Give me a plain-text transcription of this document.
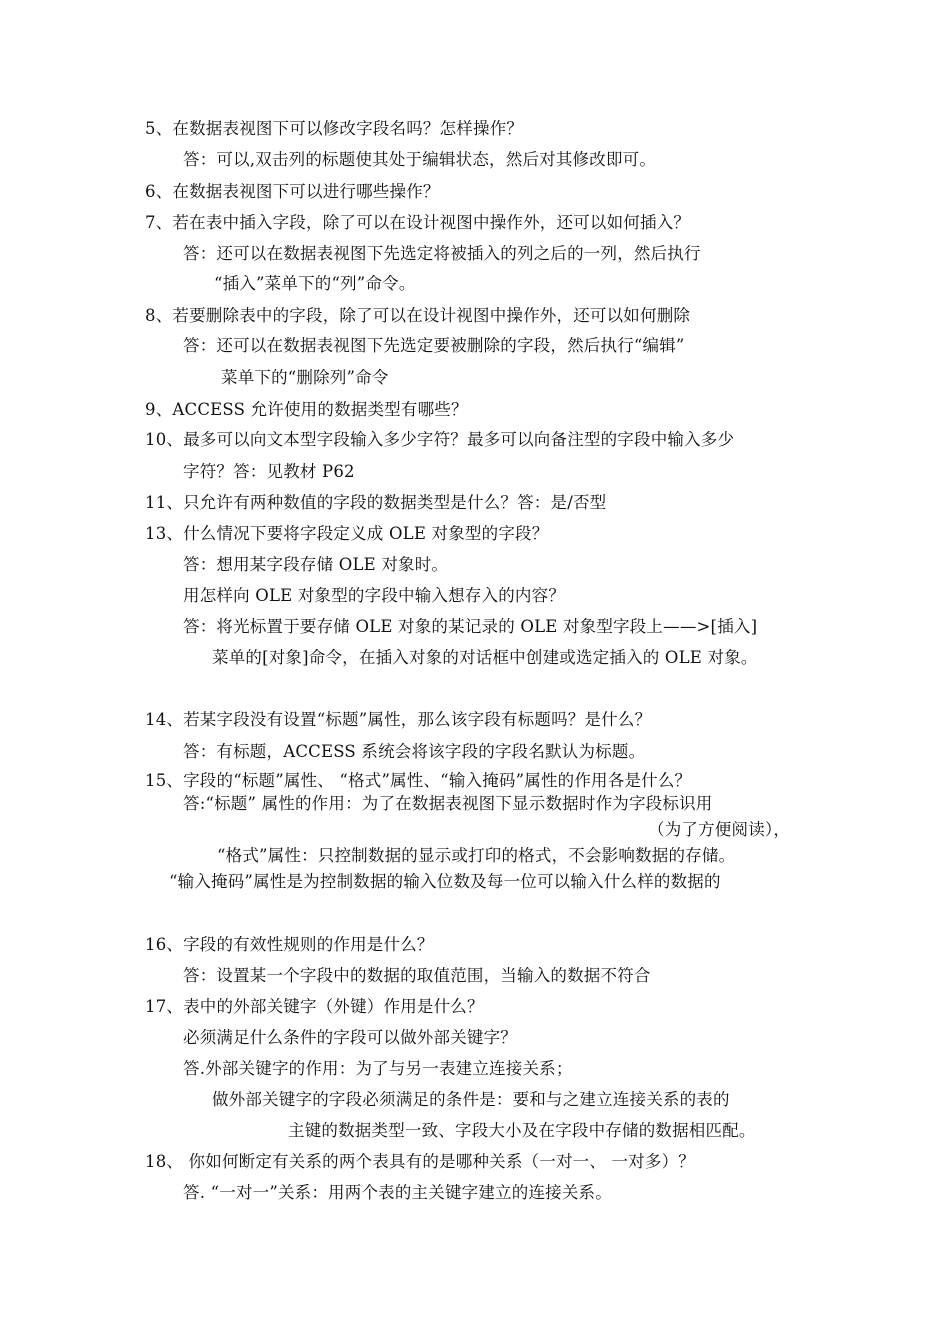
5、在数据表视图下可以修改字段名吗？怎样操作？
答：可以,双击列的标题使其处于编辑状态，然后对其修改即可。
6、在数据表视图下可以进行哪些操作？
7、若在表中插入字段，除了可以在设计视图中操作外，还可以如何插入？
答：还可以在数据表视图下先选定将被插入的列之后的一列，然后执行
“插入”菜单下的“列”命令。
8、若要删除表中的字段，除了可以在设计视图中操作外，还可以如何删除
答：还可以在数据表视图下先选定要被删除的字段，然后执行“编辑”
菜单下的“删除列”命令
9、ACCESS 允许使用的数据类型有哪些？
10、最多可以向文本型字段输入多少字符？最多可以向备注型的字段中输入多少
字符？答：见教材 P62
11、只允许有两种数值的字段的数据类型是什么？答：是/否型
13、什么情况下要将字段定义成 OLE 对象型的字段？
答：想用某字段存储 OLE 对象时。
用怎样向 OLE 对象型的字段中输入想存入的内容？
答：将光标置于要存储 OLE 对象的某记录的 OLE 对象型字段上——>[插入]
菜单的[对象]命令，在插入对象的对话框中创建或选定插入的 OLE 对象。
14、若某字段没有设置“标题”属性，那么该字段有标题吗？是什么？
答：有标题，ACCESS 系统会将该字段的字段名默认为标题。
15、字段的“标题”属性、 “格式”属性、“输入掩码”属性的作用各是什么？
答:“标题” 属性的作用：为了在数据表视图下显示数据时作为字段标识用
（为了方便阅读），
“格式”属性：只控制数据的显示或打印的格式，不会影响数据的存储。
“输入掩码”属性是为控制数据的输入位数及每一位可以输入什么样的数据的
16、字段的有效性规则的作用是什么？
答：设置某一个字段中的数据的取值范围，当输入的数据不符合
17、表中的外部关键字（外键）作用是什么？
必须满足什么条件的字段可以做外部关键字？
答.外部关键字的作用：为了与另一表建立连接关系；
做外部关键字的字段必须满足的条件是：要和与之建立连接关系的表的
主键的数据类型一致、字段大小及在字段中存储的数据相匹配。
18、 你如何断定有关系的两个表具有的是哪种关系（一对一、 一对多）？
答. “一对一”关系：用两个表的主关键字建立的连接关系。
